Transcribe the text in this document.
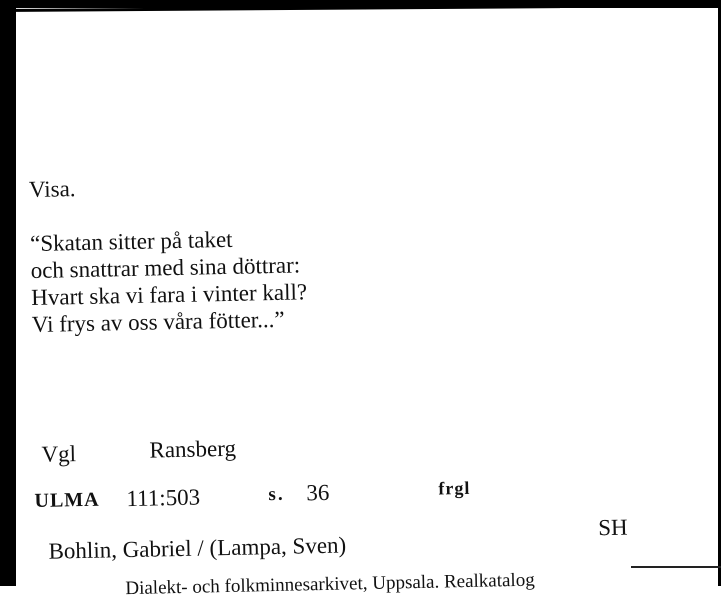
Visa.
“Skatan sitter på taket
och snattrar med sina döttrar:
Hvart ska vi fara i vinter kall?
Vi frys av oss våra fötter...”
Vgl	Ransberg
ULMA 111:503	s. 36	frgl
Bohlin, Gabriel / (Lampa, Sven)
SH
Dialekt- och folkminnesarkivet, Uppsala. Realkatalog
